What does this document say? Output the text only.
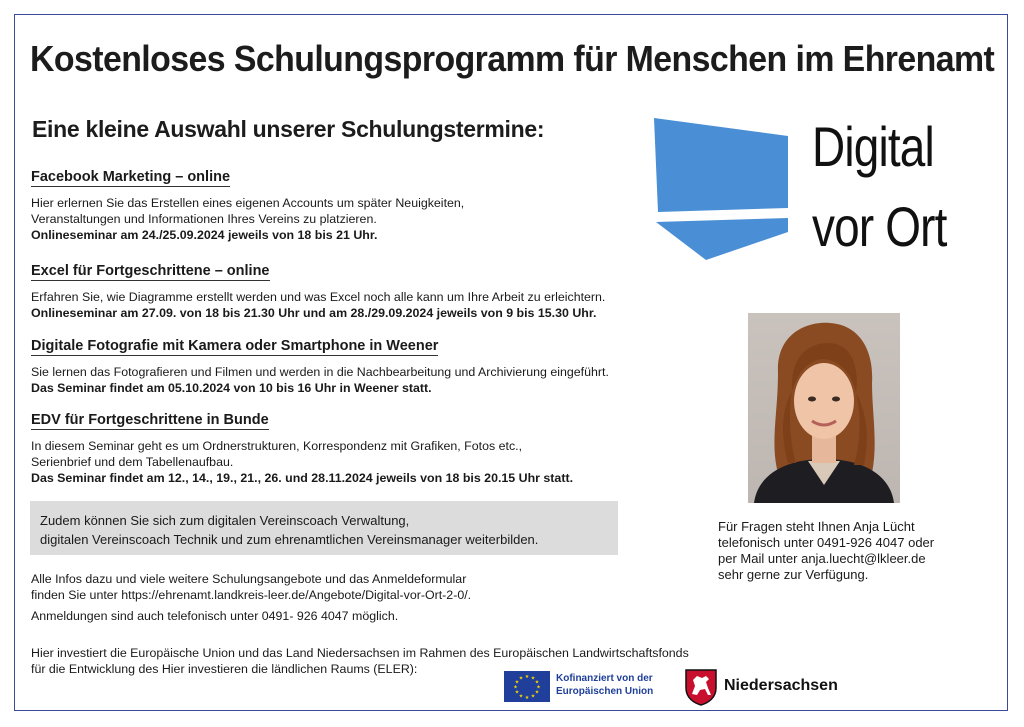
Kostenloses Schulungsprogramm für Menschen im Ehrenamt
Eine kleine Auswahl unserer Schulungstermine:
Facebook Marketing – online
Hier erlernen Sie das Erstellen eines eigenen Accounts um später Neuigkeiten,
Veranstaltungen und Informationen Ihres Vereins zu platzieren.
Onlineseminar am 24./25.09.2024 jeweils von 18 bis 21 Uhr.
Excel für Fortgeschrittene – online
Erfahren Sie, wie Diagramme erstellt werden und was Excel noch alle kann um Ihre Arbeit zu erleichtern.
Onlineseminar am 27.09. von 18 bis 21.30 Uhr und am 28./29.09.2024 jeweils von 9 bis 15.30 Uhr.
Digitale Fotografie mit Kamera oder Smartphone in Weener
Sie lernen das Fotografieren und Filmen und werden in die Nachbearbeitung und Archivierung eingeführt.
Das Seminar findet am 05.10.2024 von 10 bis 16 Uhr in Weener statt.
EDV für Fortgeschrittene in Bunde
In diesem Seminar geht es um Ordnerstrukturen, Korrespondenz mit Grafiken, Fotos etc.,
Serienbrief und dem Tabellenaufbau.
Das Seminar findet am 12., 14., 19., 21., 26. und 28.11.2024 jeweils von 18 bis 20.15 Uhr statt.
Zudem können Sie sich zum digitalen Vereinscoach Verwaltung,
digitalen Vereinscoach Technik und zum ehrenamtlichen Vereinsmanager weiterbilden.
Alle Infos dazu und viele weitere Schulungsangebote und das Anmeldeformular
finden Sie unter https://ehrenamt.landkreis-leer.de/Angebote/Digital-vor-Ort-2-0/.
Anmeldungen sind auch telefonisch unter 0491- 926 4047 möglich.
Hier investiert die Europäische Union und das Land Niedersachsen im Rahmen des Europäischen Landwirtschaftsfonds
für die Entwicklung des Hier investieren die ländlichen Raums (ELER):
Digital
vor Ort
Für Fragen steht Ihnen Anja Lücht
telefonisch unter 0491-926 4047 oder
per Mail unter anja.luecht@lkleer.de
sehr gerne zur Verfügung.
★ ★
★
★
★
★
★
★
★
★
★
★	Kofinanziert von der
Europäischen Union	Niedersachsen
